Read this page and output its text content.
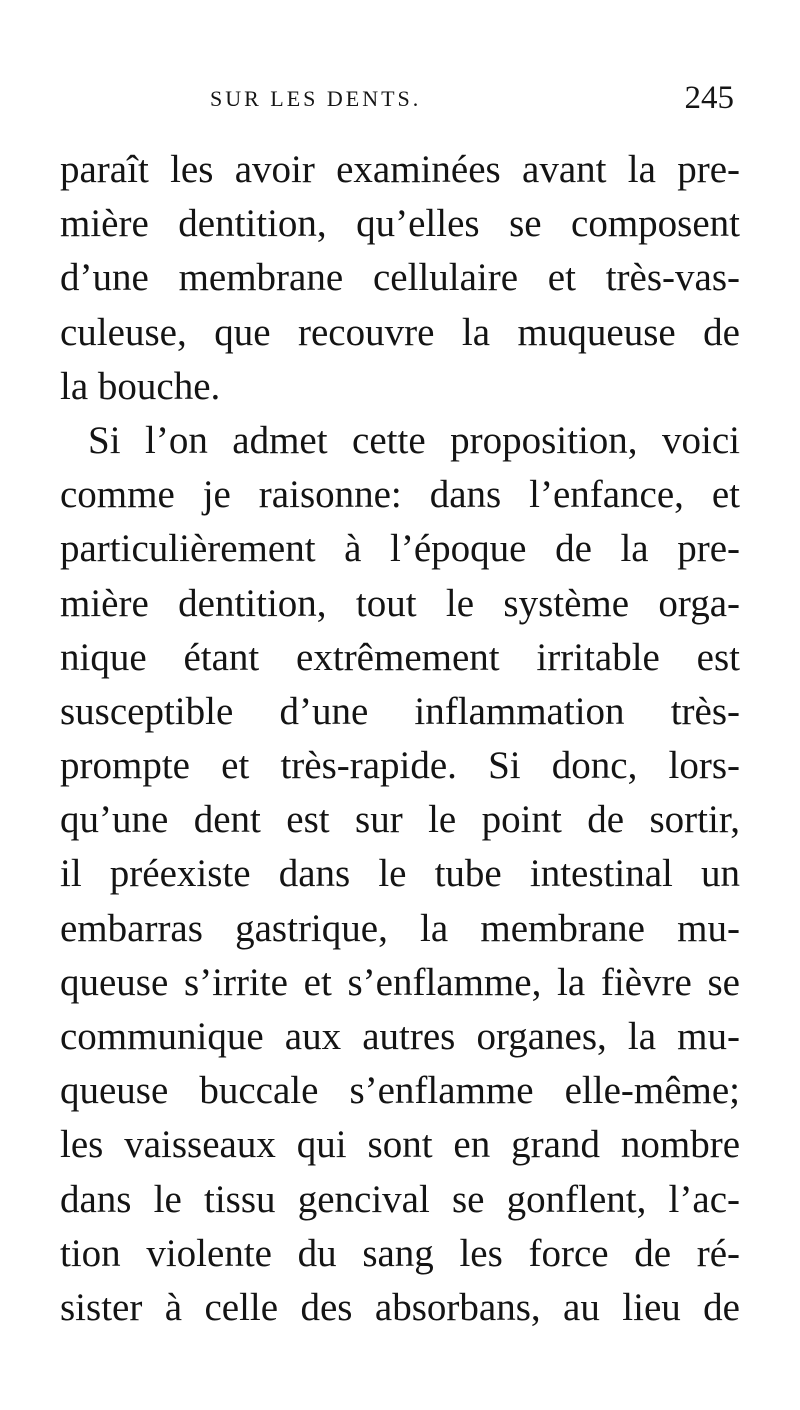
SUR LES DENTS.	245
paraît les avoir examinées avant la pre-
mière dentition, qu’elles se composent
d’une membrane cellulaire et très-vas-
culeuse, que recouvre la muqueuse de
la bouche.
Si l’on admet cette proposition, voici
comme je raisonne: dans l’enfance, et
particulièrement à l’époque de la pre-
mière dentition, tout le système orga-
nique étant extrêmement irritable est
susceptible d’une inflammation très-
prompte et très-rapide. Si donc, lors-
qu’une dent est sur le point de sortir,
il préexiste dans le tube intestinal un
embarras gastrique, la membrane mu-
queuse s’irrite et s’enflamme, la fièvre se
communique aux autres organes, la mu-
queuse buccale s’enflamme elle-même;
les vaisseaux qui sont en grand nombre
dans le tissu gencival se gonflent, l’ac-
tion violente du sang les force de ré-
sister à celle des absorbans, au lieu de
